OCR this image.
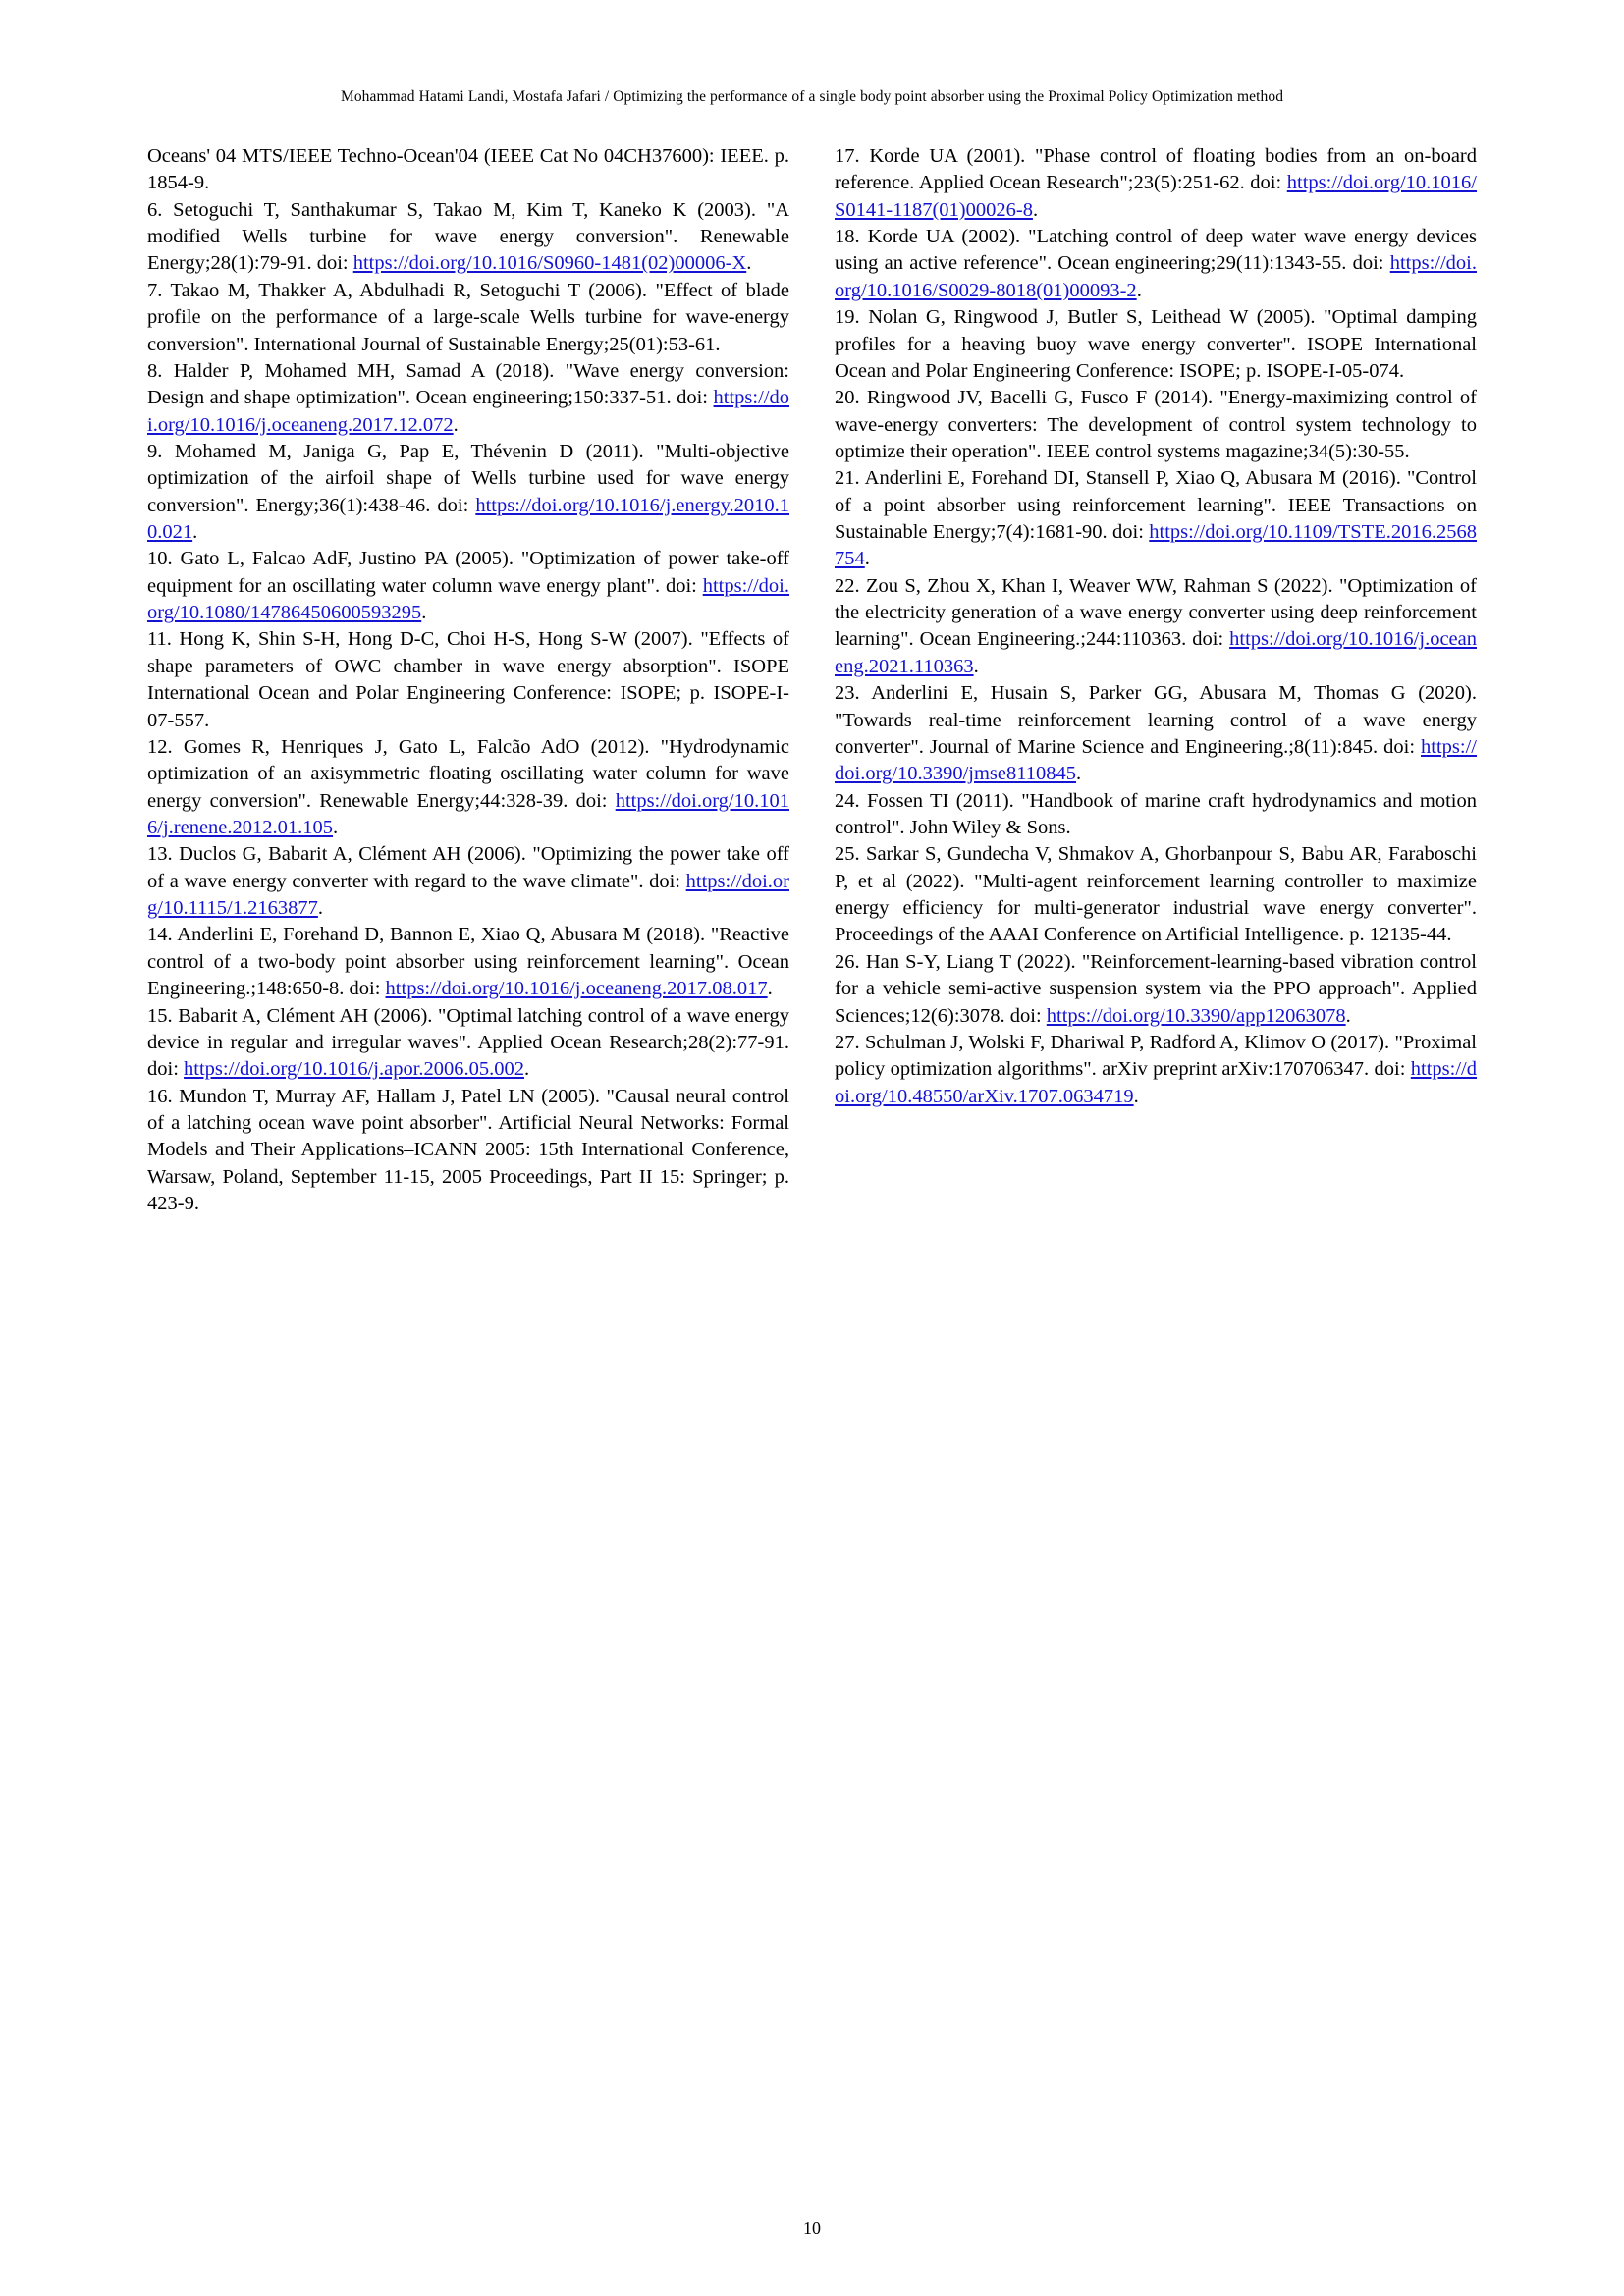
Mohammad Hatami Landi, Mostafa Jafari / Optimizing the performance of a single body point absorber using the Proximal Policy Optimization method

Oceans' 04 MTS/IEEE Techno-Ocean'04 (IEEE Cat No 04CH37600): IEEE. p. 1854-9.

6. Setoguchi T, Santhakumar S, Takao M, Kim T, Kaneko K (2003). "A modified Wells turbine for wave energy conversion". Renewable Energy;28(1):79-91. doi: https://doi.org/10.1016/S0960-1481(02)00006-X.

7. Takao M, Thakker A, Abdulhadi R, Setoguchi T (2006). "Effect of blade profile on the performance of a large-scale Wells turbine for wave-energy conversion". International Journal of Sustainable Energy;25(01):53-61.

8. Halder P, Mohamed MH, Samad A (2018). "Wave energy conversion: Design and shape optimization". Ocean engineering;150:337-51. doi: https://doi.org/10.1016/j.oceaneng.2017.12.072.

9. Mohamed M, Janiga G, Pap E, Thévenin D (2011). "Multi-objective optimization of the airfoil shape of Wells turbine used for wave energy conversion". Energy;36(1):438-46. doi: https://doi.org/10.1016/j.energy.2010.10.021.

10. Gato L, Falcao AdF, Justino PA (2005). "Optimization of power take-off equipment for an oscillating water column wave energy plant". doi: https://doi.org/10.1080/14786450600593295.

11. Hong K, Shin S-H, Hong D-C, Choi H-S, Hong S-W (2007). "Effects of shape parameters of OWC chamber in wave energy absorption". ISOPE International Ocean and Polar Engineering Conference: ISOPE; p. ISOPE-I-07-557.

12. Gomes R, Henriques J, Gato L, Falcão AdO (2012). "Hydrodynamic optimization of an axisymmetric floating oscillating water column for wave energy conversion". Renewable Energy;44:328-39. doi: https://doi.org/10.1016/j.renene.2012.01.105.

13. Duclos G, Babarit A, Clément AH (2006). "Optimizing the power take off of a wave energy converter with regard to the wave climate". doi: https://doi.org/10.1115/1.2163877.

14. Anderlini E, Forehand D, Bannon E, Xiao Q, Abusara M (2018). "Reactive control of a two-body point absorber using reinforcement learning". Ocean Engineering.;148:650-8. doi: https://doi.org/10.1016/j.oceaneng.2017.08.017.

15. Babarit A, Clément AH (2006). "Optimal latching control of a wave energy device in regular and irregular waves". Applied Ocean Research;28(2):77-91. doi: https://doi.org/10.1016/j.apor.2006.05.002.

16. Mundon T, Murray AF, Hallam J, Patel LN (2005). "Causal neural control of a latching ocean wave point absorber". Artificial Neural Networks: Formal Models and Their Applications–ICANN 2005: 15th International Conference, Warsaw, Poland, September 11-15, 2005 Proceedings, Part II 15: Springer; p. 423-9.

17. Korde UA (2001). "Phase control of floating bodies from an on-board reference. Applied Ocean Research";23(5):251-62. doi: https://doi.org/10.1016/S0141-1187(01)00026-8.

18. Korde UA (2002). "Latching control of deep water wave energy devices using an active reference". Ocean engineering;29(11):1343-55. doi: https://doi.org/10.1016/S0029-8018(01)00093-2.

19. Nolan G, Ringwood J, Butler S, Leithead W (2005). "Optimal damping profiles for a heaving buoy wave energy converter". ISOPE International Ocean and Polar Engineering Conference: ISOPE; p. ISOPE-I-05-074.

20. Ringwood JV, Bacelli G, Fusco F (2014). "Energy-maximizing control of wave-energy converters: The development of control system technology to optimize their operation". IEEE control systems magazine;34(5):30-55.

21. Anderlini E, Forehand DI, Stansell P, Xiao Q, Abusara M (2016). "Control of a point absorber using reinforcement learning". IEEE Transactions on Sustainable Energy;7(4):1681-90. doi: https://doi.org/10.1109/TSTE.2016.2568754.

22. Zou S, Zhou X, Khan I, Weaver WW, Rahman S (2022). "Optimization of the electricity generation of a wave energy converter using deep reinforcement learning". Ocean Engineering.;244:110363. doi: https://doi.org/10.1016/j.oceaneng.2021.110363.

23. Anderlini E, Husain S, Parker GG, Abusara M, Thomas G (2020). "Towards real-time reinforcement learning control of a wave energy converter". Journal of Marine Science and Engineering.;8(11):845. doi: https://doi.org/10.3390/jmse8110845.

24. Fossen TI (2011). "Handbook of marine craft hydrodynamics and motion control". John Wiley & Sons.

25. Sarkar S, Gundecha V, Shmakov A, Ghorbanpour S, Babu AR, Faraboschi P, et al (2022). "Multi-agent reinforcement learning controller to maximize energy efficiency for multi-generator industrial wave energy converter". Proceedings of the AAAI Conference on Artificial Intelligence. p. 12135-44.

26. Han S-Y, Liang T (2022). "Reinforcement-learning-based vibration control for a vehicle semi-active suspension system via the PPO approach". Applied Sciences;12(6):3078. doi: https://doi.org/10.3390/app12063078.

27. Schulman J, Wolski F, Dhariwal P, Radford A, Klimov O (2017). "Proximal policy optimization algorithms". arXiv preprint arXiv:170706347. doi: https://doi.org/10.48550/arXiv.1707.0634719.

10
